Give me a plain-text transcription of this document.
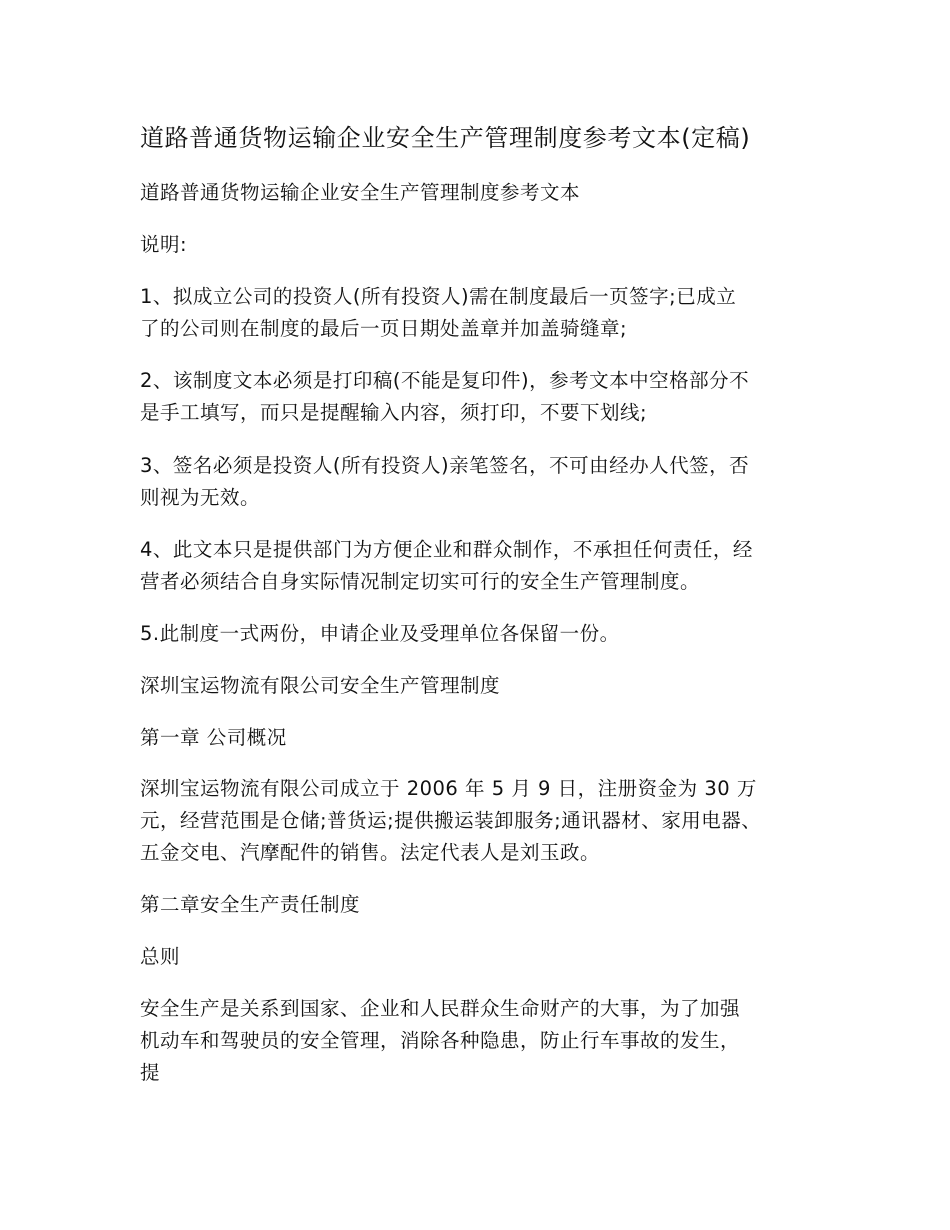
道路普通货物运输企业安全生产管理制度参考文本(定稿)

道路普通货物运输企业安全生产管理制度参考文本

说明:

1、拟成立公司的投资人(所有投资人)需在制度最后一页签字;已成立
了的公司则在制度的最后一页日期处盖章并加盖骑缝章;

2、该制度文本必须是打印稿(不能是复印件)，参考文本中空格部分不
是手工填写，而只是提醒输入内容，须打印，不要下划线;

3、签名必须是投资人(所有投资人)亲笔签名，不可由经办人代签，否
则视为无效。

4、此文本只是提供部门为方便企业和群众制作，不承担任何责任，经
营者必须结合自身实际情况制定切实可行的安全生产管理制度。

5.此制度一式两份，申请企业及受理单位各保留一份。

深圳宝运物流有限公司安全生产管理制度

第一章 公司概况

深圳宝运物流有限公司成立于 2006 年 5 月 9 日，注册资金为 30 万
元，经营范围是仓储;普货运;提供搬运装卸服务;通讯器材、家用电器、
五金交电、汽摩配件的销售。法定代表人是刘玉政。

第二章安全生产责任制度

总则

安全生产是关系到国家、企业和人民群众生命财产的大事，为了加强
机动车和驾驶员的安全管理，消除各种隐患，防止行车事故的发生，
提
